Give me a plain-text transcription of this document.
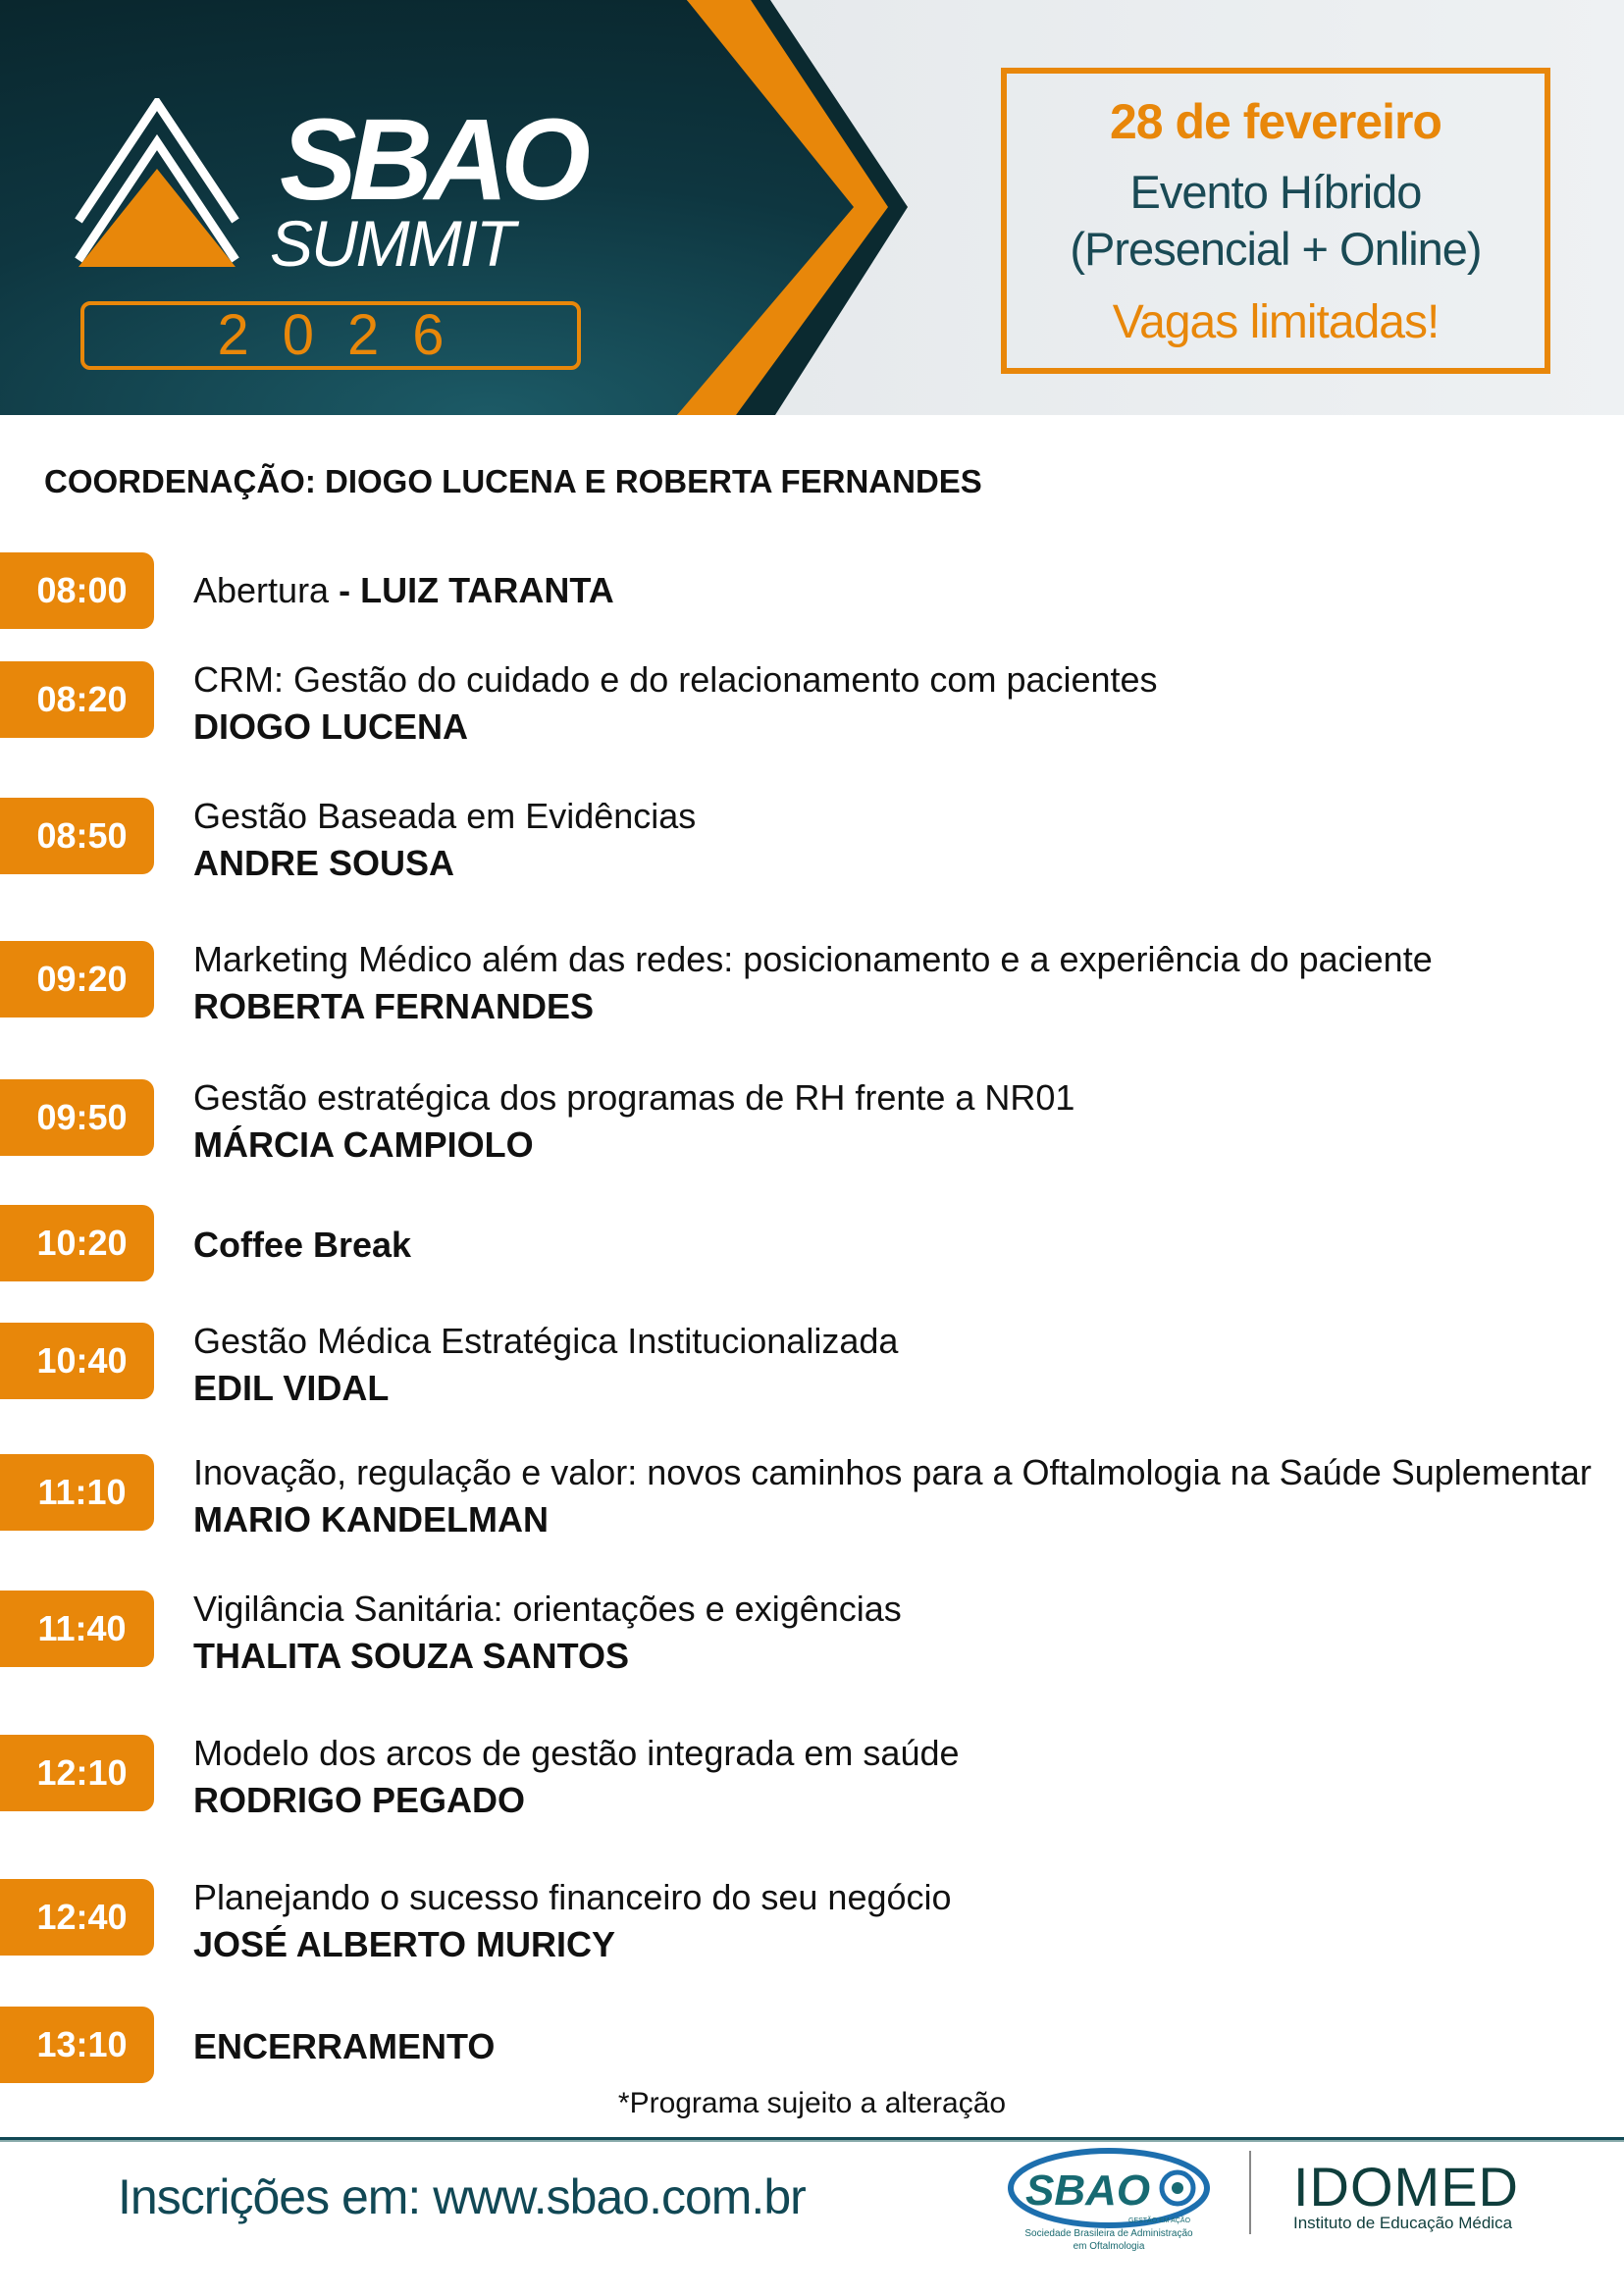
SBAO
SUMMIT
2026
28 de fevereiro
Evento Híbrido
(Presencial + Online)
Vagas limitadas!
COORDENAÇÃO: DIOGO LUCENA E ROBERTA FERNANDES
08:00	Abertura - LUIZ TARANTA
08:20	CRM: Gestão do cuidado e do relacionamento com pacientes
DIOGO LUCENA
08:50	Gestão Baseada em Evidências
ANDRE SOUSA
09:20	Marketing Médico além das redes: posicionamento e a experiência do paciente
ROBERTA FERNANDES
09:50	Gestão estratégica dos programas de RH frente a NR01
MÁRCIA CAMPIOLO
10:20	Coffee Break
10:40	Gestão Médica Estratégica Institucionalizada
EDIL VIDAL
11:10	Inovação, regulação e valor: novos caminhos para a Oftalmologia na Saúde Suplementar
MARIO KANDELMAN
11:40	Vigilância Sanitária: orientações e exigências
THALITA SOUZA SANTOS
12:10	Modelo dos arcos de gestão integrada em saúde
RODRIGO PEGADO
12:40	Planejando o sucesso financeiro do seu negócio
JOSÉ ALBERTO MURICY
13:10	ENCERRAMENTO
*Programa sujeito a alteração
Inscrições em: www.sbao.com.br	SBAO
GESTÃO EM AÇÃO
Sociedade Brasileira de Administração
em Oftalmologia
IDOMED
Instituto de Educação Médica
